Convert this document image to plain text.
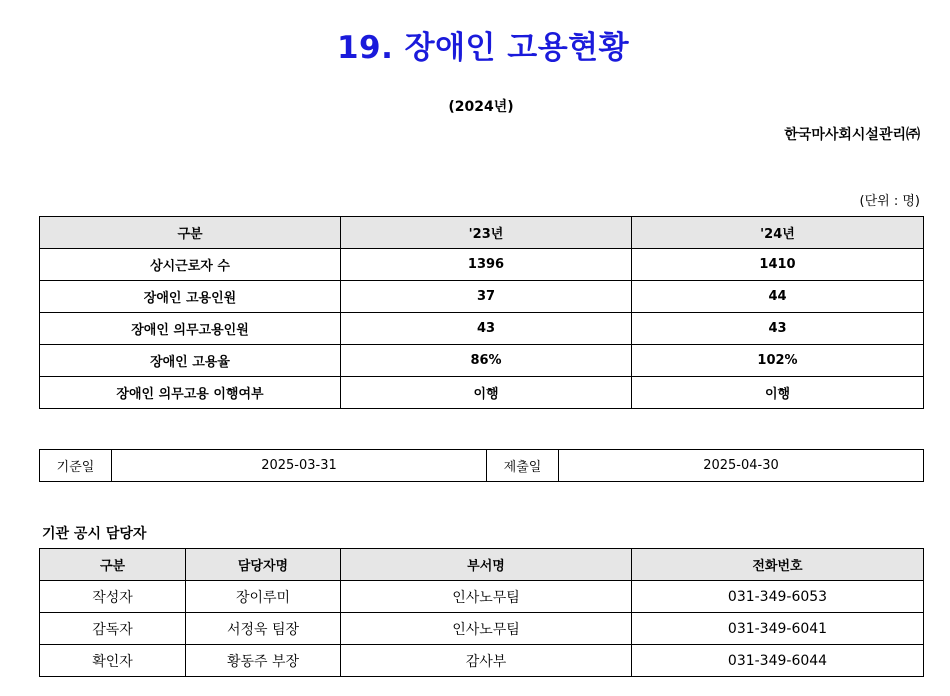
19. 장애인 고용현황
(2024년)
한국마사회시설관리㈜
(단위 : 명)
구분	'23년	'24년
상시근로자 수	1396	1410
장애인 고용인원	37	44
장애인 의무고용인원	43	43
장애인 고용율	86%	102%
장애인 의무고용 이행여부	이행	이행
기준일	2025-03-31	제출일	2025-04-30
기관 공시 담당자
구분	담당자명	부서명	전화번호
작성자	장이루미	인사노무팀	031-349-6053
감독자	서정욱 팀장	인사노무팀	031-349-6041
확인자	황동주 부장	감사부	031-349-6044
